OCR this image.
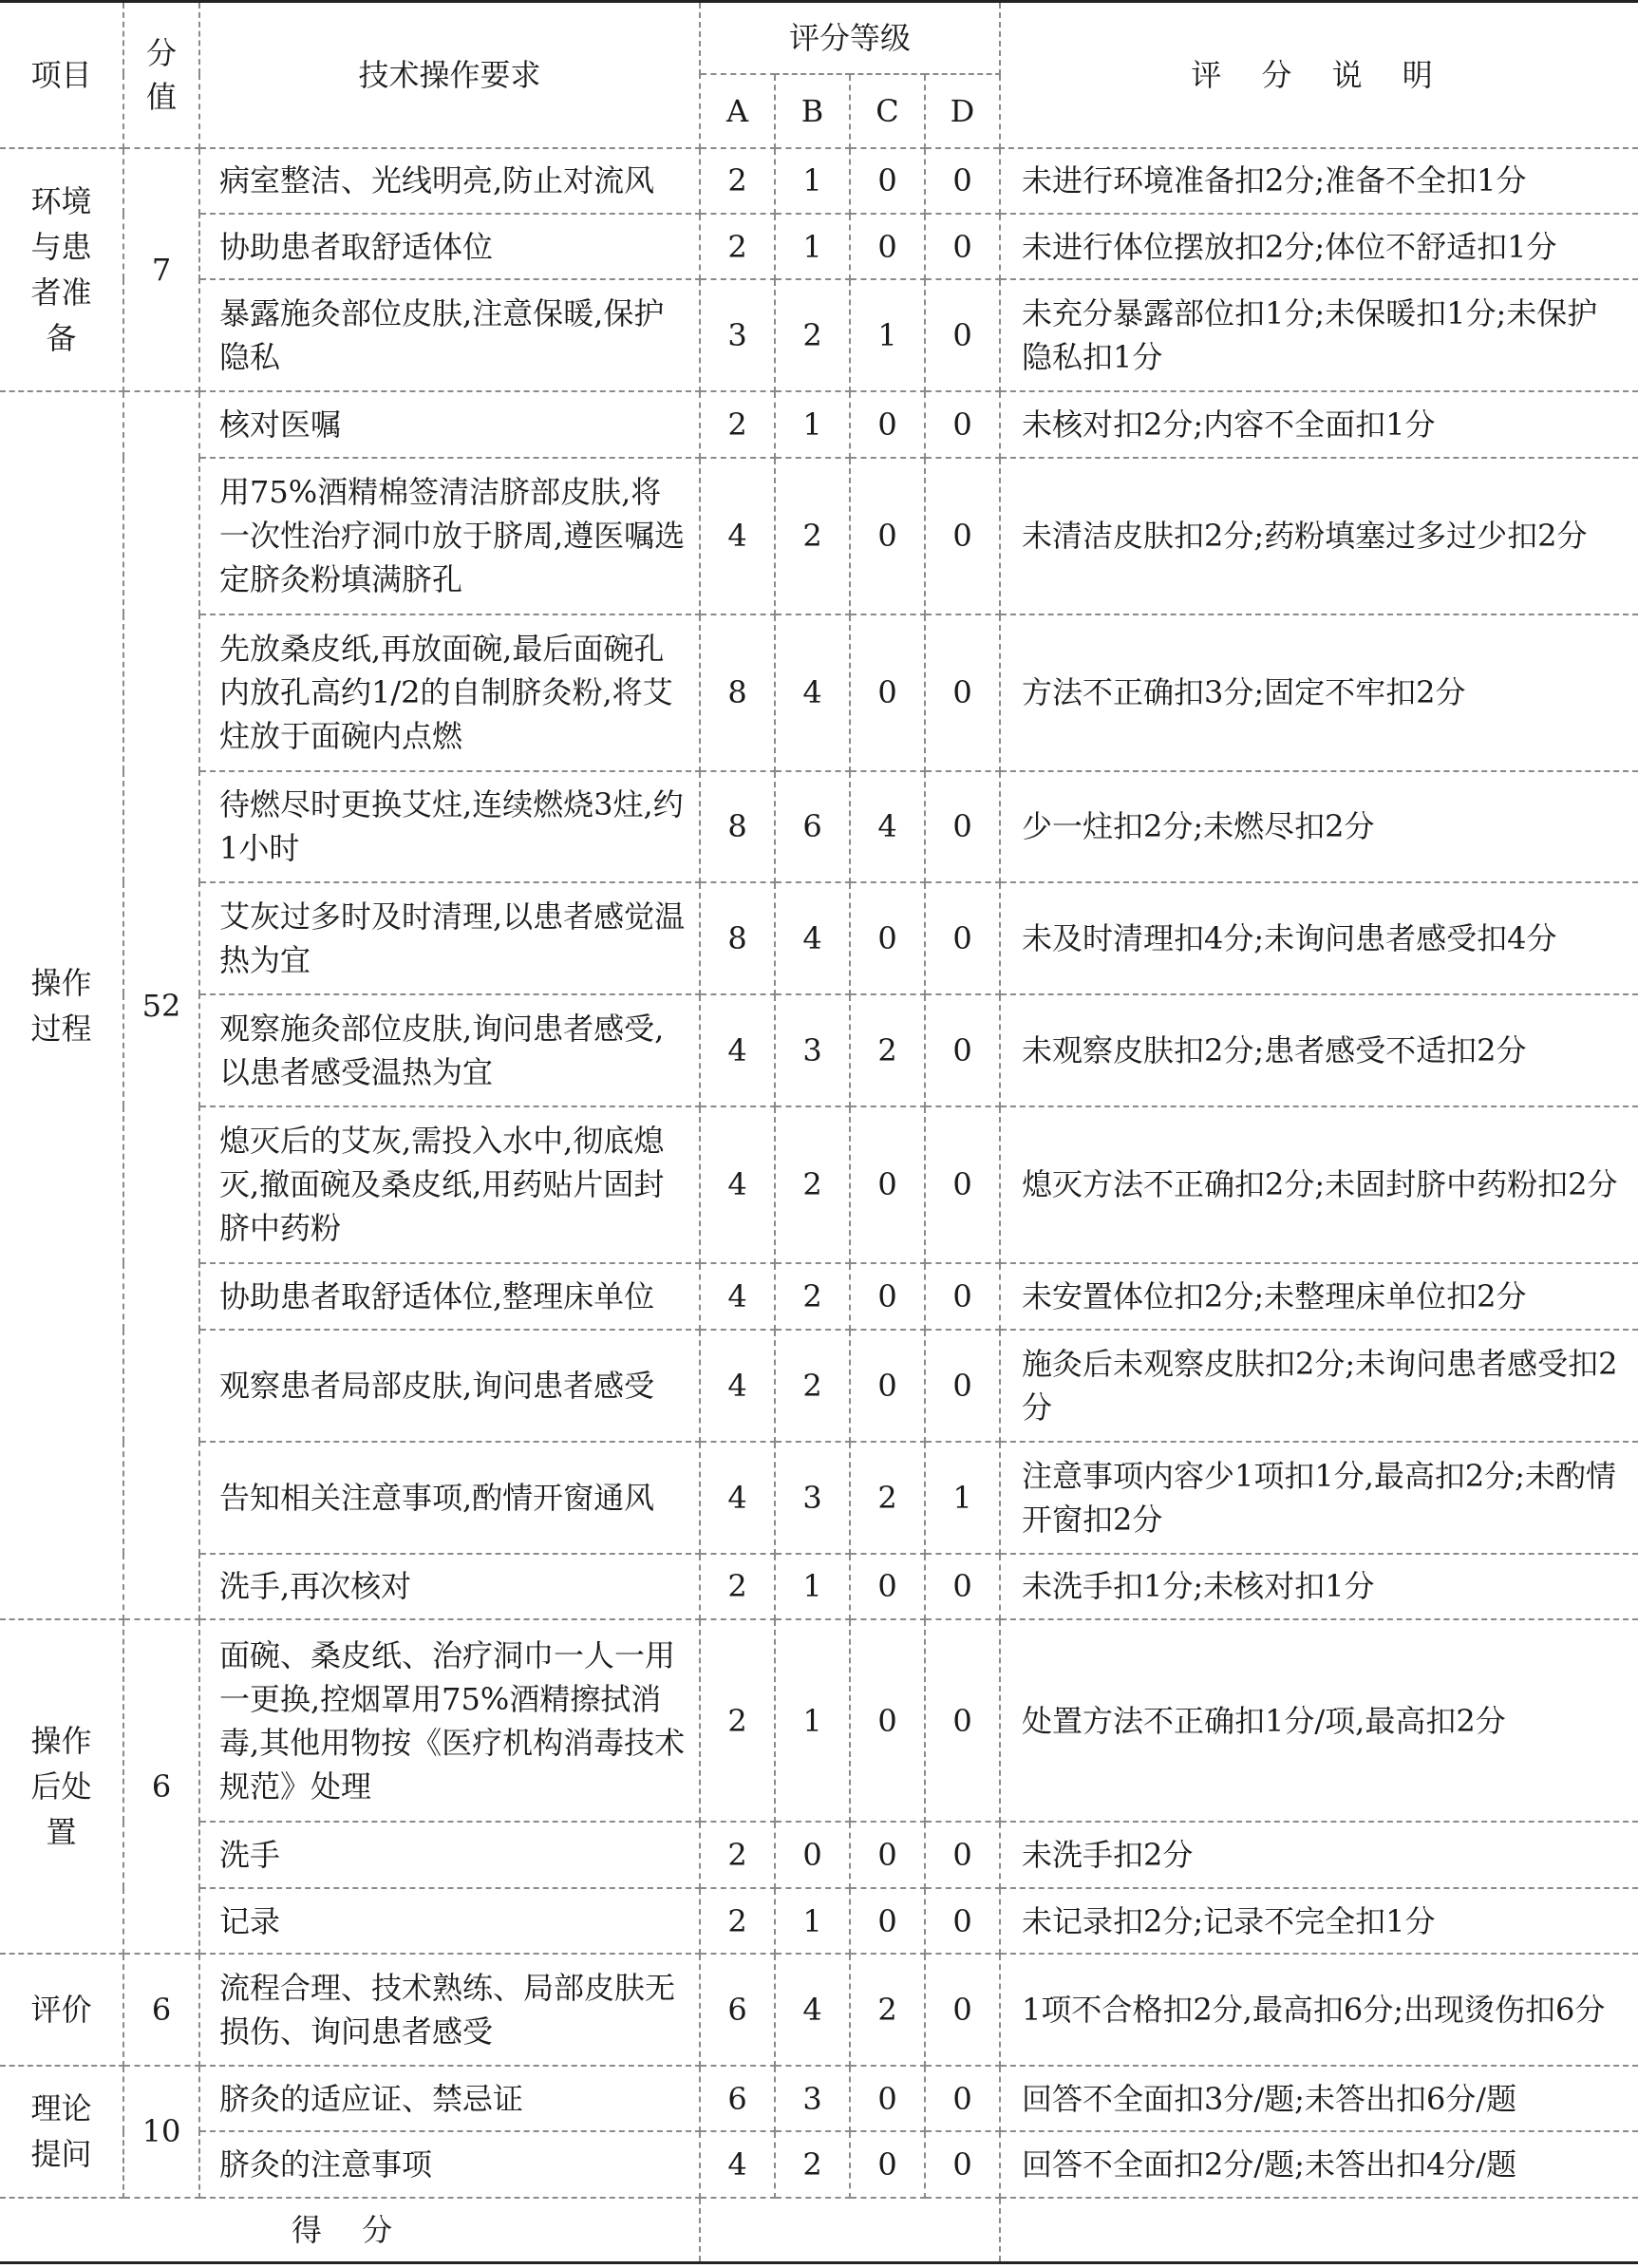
项目	分值	技术操作要求	评分等级				评 分 说 明
			A	B	C	D	
环境与患者准备	7	病室整洁、光线明亮,防止对流风	2	1	0	0	未进行环境准备扣2分;准备不全扣1分
		协助患者取舒适体位	2	1	0	0	未进行体位摆放扣2分;体位不舒适扣1分
		暴露施灸部位皮肤,注意保暖,保护隐私	3	2	1	0	未充分暴露部位扣1分;未保暖扣1分;未保护隐私扣1分
操作过程	52	核对医嘱	2	1	0	0	未核对扣2分;内容不全面扣1分
		用75%酒精棉签清洁脐部皮肤,将一次性治疗洞巾放于脐周,遵医嘱选定脐灸粉填满脐孔	4	2	0	0	未清洁皮肤扣2分;药粉填塞过多过少扣2分
		先放桑皮纸,再放面碗,最后面碗孔内放孔高约1/2的自制脐灸粉,将艾炷放于面碗内点燃	8	4	0	0	方法不正确扣3分;固定不牢扣2分
		待燃尽时更换艾炷,连续燃烧3炷,约1小时	8	6	4	0	少一炷扣2分;未燃尽扣2分
		艾灰过多时及时清理,以患者感觉温热为宜	8	4	0	0	未及时清理扣4分;未询问患者感受扣4分
		观察施灸部位皮肤,询问患者感受,以患者感受温热为宜	4	3	2	0	未观察皮肤扣2分;患者感受不适扣2分
		熄灭后的艾灰,需投入水中,彻底熄灭,撤面碗及桑皮纸,用药贴片固封脐中药粉	4	2	0	0	熄灭方法不正确扣2分;未固封脐中药粉扣2分
		协助患者取舒适体位,整理床单位	4	2	0	0	未安置体位扣2分;未整理床单位扣2分
		观察患者局部皮肤,询问患者感受	4	2	0	0	施灸后未观察皮肤扣2分;未询问患者感受扣2分
		告知相关注意事项,酌情开窗通风	4	3	2	1	注意事项内容少1项扣1分,最高扣2分;未酌情开窗扣2分
		洗手,再次核对	2	1	0	0	未洗手扣1分;未核对扣1分
操作后处置	6	面碗、桑皮纸、治疗洞巾一人一用一更换,控烟罩用75%酒精擦拭消毒,其他用物按《医疗机构消毒技术规范》处理	2	1	0	0	处置方法不正确扣1分/项,最高扣2分
		洗手	2	0	0	0	未洗手扣2分
		记录	2	1	0	0	未记录扣2分;记录不完全扣1分
评价	6	流程合理、技术熟练、局部皮肤无损伤、询问患者感受	6	4	2	0	1项不合格扣2分,最高扣6分;出现烫伤扣6分
理论提问	10	脐灸的适应证、禁忌证	6	3	0	0	回答不全面扣3分/题;未答出扣6分/题
		脐灸的注意事项	4	2	0	0	回答不全面扣2分/题;未答出扣4分/题
得 分							
